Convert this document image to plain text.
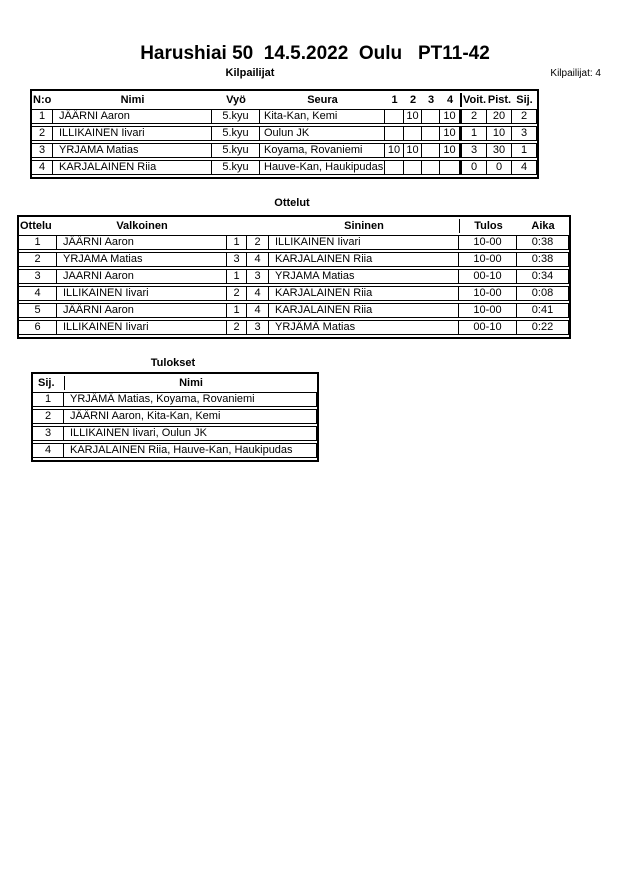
Harushiai 50  14.5.2022  Oulu   PT11-42
Kilpailijat	Kilpailijat: 4
N:o	Nimi	Vyö	Seura	1	2	3	4	Voit.	Pist.	Sij.
1	JÄÄRNI Aaron	5.kyu	Kita-Kan, Kemi		10		10	2	20	2
2	ILLIKAINEN Iivari	5.kyu	Oulun JK				10	1	10	3
3	YRJAMA Matias	5.kyu	Koyama, Rovaniemi	10	10		10	3	30	1
4	KARJALAINEN Riia	5.kyu	Hauve-Kan, Haukipudas					0	0	4
Ottelut
Ottelu	Valkoinen			Sininen	Tulos	Aika
1	JÄÄRNI Aaron	1	2	ILLIKAINEN Iivari	10-00	0:38
2	YRJAMA Matias	3	4	KARJALAINEN Riia	10-00	0:38
3	JAARNI Aaron	1	3	YRJAMA Matias	00-10	0:34
4	ILLIKAINEN Iivari	2	4	KARJALAINEN Riia	10-00	0:08
5	JÄÄRNI Aaron	1	4	KARJALAINEN Riia	10-00	0:41
6	ILLIKAINEN Iivari	2	3	YRJÄMÄ Matias	00-10	0:22
Tulokset
Sij.	Nimi
1	YRJÄMÄ Matias, Koyama, Rovaniemi
2	JÄÄRNI Aaron, Kita-Kan, Kemi
3	ILLIKAINEN Iivari, Oulun JK
4	KARJALAINEN Riia, Hauve-Kan, Haukipudas
